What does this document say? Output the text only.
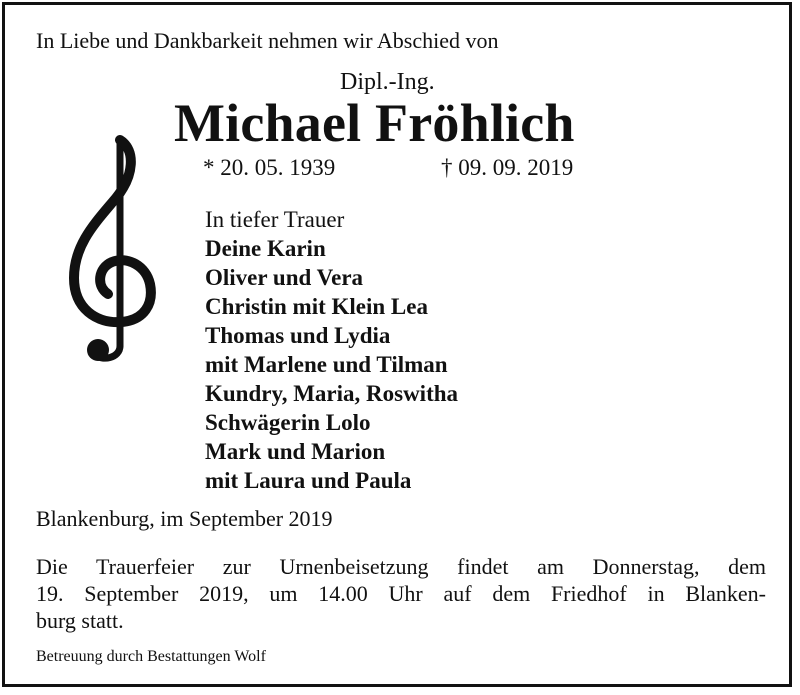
In Liebe und Dankbarkeit nehmen wir Abschied von
Dipl.-Ing.
Michael Fröhlich
* 20. 05. 1939	† 09. 09. 2019
In tiefer Trauer
Deine Karin
Oliver und Vera
Christin mit Klein Lea
Thomas und Lydia
mit Marlene und Tilman
Kundry, Maria, Roswitha
Schwägerin Lolo
Mark und Marion
mit Laura und Paula
Blankenburg, im September 2019
Die Trauerfeier zur Urnenbeisetzung findet am Donnerstag, dem
19. September 2019, um 14.00 Uhr auf dem Friedhof in Blanken-
burg statt.
Betreuung durch Bestattungen Wolf
